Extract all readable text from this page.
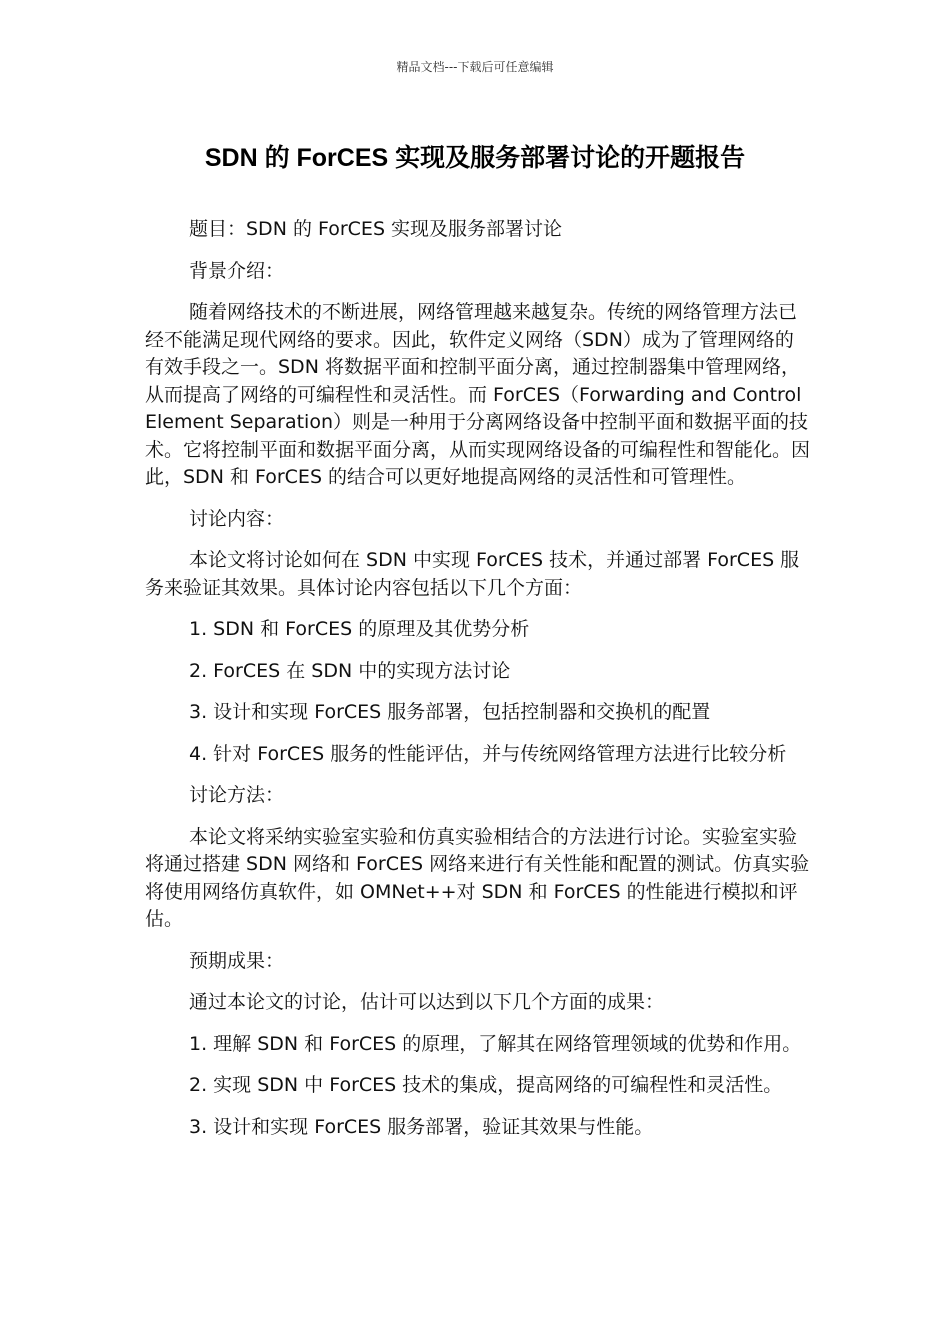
精品文档---下载后可任意编辑
SDN 的 ForCES 实现及服务部署讨论的开题报告

题目：SDN 的 ForCES 实现及服务部署讨论

背景介绍：

随着网络技术的不断进展，网络管理越来越复杂。传统的网络管理方法已经不能满足现代网络的要求。因此，软件定义网络（SDN）成为了管理网络的有效手段之一。SDN 将数据平面和控制平面分离，通过控制器集中管理网络，从而提高了网络的可编程性和灵活性。而 ForCES（Forwarding and Control Element Separation）则是一种用于分离网络设备中控制平面和数据平面的技术。它将控制平面和数据平面分离，从而实现网络设备的可编程性和智能化。因此，SDN 和 ForCES 的结合可以更好地提高网络的灵活性和可管理性。

讨论内容：

本论文将讨论如何在 SDN 中实现 ForCES 技术，并通过部署 ForCES 服务来验证其效果。具体讨论内容包括以下几个方面：

1. SDN 和 ForCES 的原理及其优势分析

2. ForCES 在 SDN 中的实现方法讨论

3. 设计和实现 ForCES 服务部署，包括控制器和交换机的配置

4. 针对 ForCES 服务的性能评估，并与传统网络管理方法进行比较分析

讨论方法：

本论文将采纳实验室实验和仿真实验相结合的方法进行讨论。实验室实验将通过搭建 SDN 网络和 ForCES 网络来进行有关性能和配置的测试。仿真实验将使用网络仿真软件，如 OMNet++对 SDN 和 ForCES 的性能进行模拟和评估。

预期成果：

通过本论文的讨论，估计可以达到以下几个方面的成果：

1. 理解 SDN 和 ForCES 的原理，了解其在网络管理领域的优势和作用。

2. 实现 SDN 中 ForCES 技术的集成，提高网络的可编程性和灵活性。

3. 设计和实现 ForCES 服务部署，验证其效果与性能。
